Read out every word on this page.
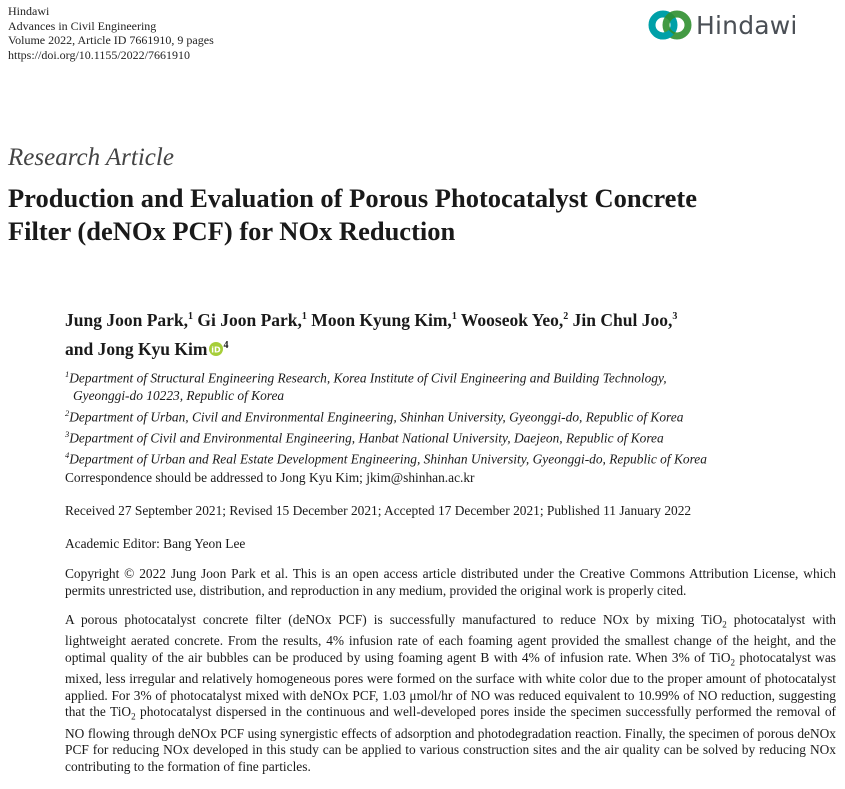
Hindawi
Advances in Civil Engineering
Volume 2022, Article ID 7661910, 9 pages
https://doi.org/10.1155/2022/7661910
Hindawi
Research Article
Production and Evaluation of Porous Photocatalyst Concrete
Filter (deNOx PCF) for NOx Reduction
Jung Joon Park,$^1$ Gi Joon Park,$^1$ Moon Kyung Kim,$^1$ Wooseok Yeo,$^2$ Jin Chul Joo,$^3$
and Jong Kyu Kim iD $^4$
$^1$Department of Structural Engineering Research, Korea Institute of Civil Engineering and Building Technology,
Gyeonggi-do 10223, Republic of Korea
$^2$Department of Urban, Civil and Environmental Engineering, Shinhan University, Gyeonggi-do, Republic of Korea
$^3$Department of Civil and Environmental Engineering, Hanbat National University, Daejeon, Republic of Korea
$^4$Department of Urban and Real Estate Development Engineering, Shinhan University, Gyeonggi-do, Republic of Korea
Correspondence should be addressed to Jong Kyu Kim; jkim@shinhan.ac.kr
Received 27 September 2021; Revised 15 December 2021; Accepted 17 December 2021; Published 11 January 2022
Academic Editor: Bang Yeon Lee
Copyright © 2022 Jung Joon Park et al. This is an open access article distributed under the Creative Commons Attribution License, which permits unrestricted use, distribution, and reproduction in any medium, provided the original work is properly cited.
A porous photocatalyst concrete filter (deNOx PCF) is successfully manufactured to reduce NOx by mixing TiO$_2$ photocatalyst with lightweight aerated concrete. From the results, 4% infusion rate of each foaming agent provided the smallest change of the height, and the optimal quality of the air bubbles can be produced by using foaming agent B with 4% of infusion rate. When 3% of TiO$_2$ photocatalyst was mixed, less irregular and relatively homogeneous pores were formed on the surface with white color due to the proper amount of photocatalyst applied. For 3% of photocatalyst mixed with deNOx PCF, 1.03 μmol/hr of NO was reduced equivalent to 10.99% of NO reduction, suggesting that the TiO$_2$ photocatalyst dispersed in the continuous and well-developed pores inside the specimen successfully performed the removal of NO flowing through deNOx PCF using synergistic effects of adsorption and photodegradation reaction. Finally, the specimen of porous deNOx PCF for reducing NOx developed in this study can be applied to various construction sites and the air quality can be solved by reducing NOx contributing to the formation of fine particles.
